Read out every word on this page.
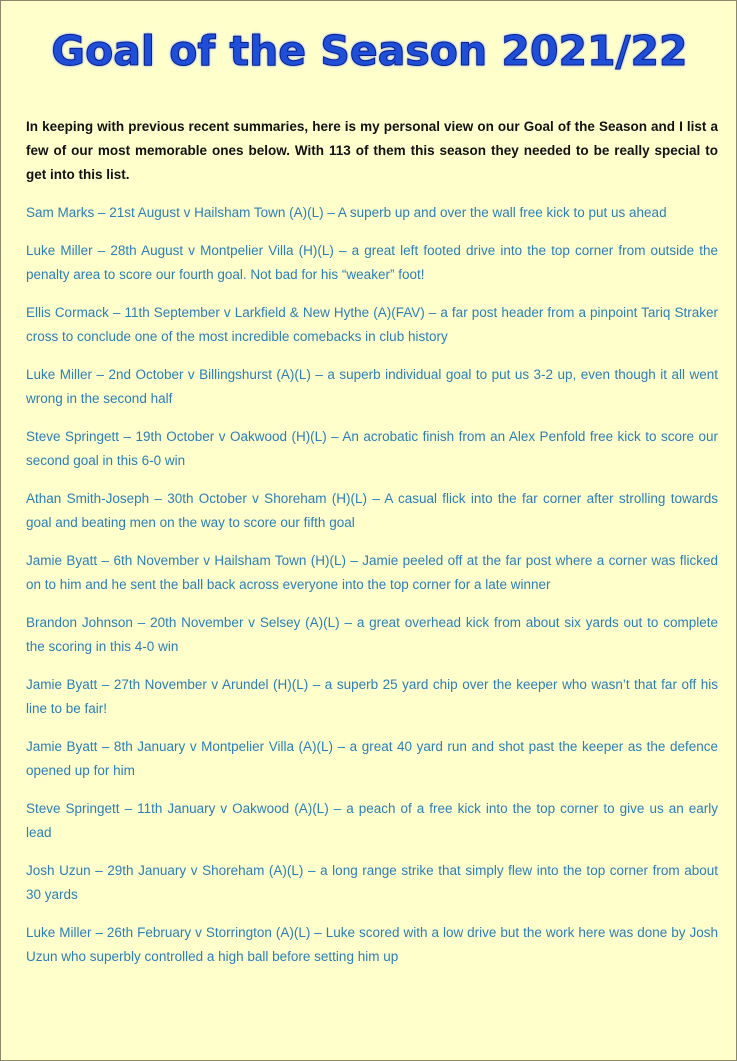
Goal of the Season 2021/22

In keeping with previous recent summaries, here is my personal view on our Goal of the Season and I list a few of our most memorable ones below. With 113 of them this season they needed to be really special to get into this list.

Sam Marks – 21st August v Hailsham Town (A)(L) – A superb up and over the wall free kick to put us ahead
Luke Miller – 28th August v Montpelier Villa (H)(L) – a great left footed drive into the top corner from outside the penalty area to score our fourth goal. Not bad for his “weaker” foot!
Ellis Cormack – 11th September v Larkfield & New Hythe (A)(FAV) – a far post header from a pinpoint Tariq Straker cross to conclude one of the most incredible comebacks in club history
Luke Miller – 2nd October v Billingshurst (A)(L) – a superb individual goal to put us 3-2 up, even though it all went wrong in the second half
Steve Springett – 19th October v Oakwood (H)(L) – An acrobatic finish from an Alex Penfold free kick to score our second goal in this 6-0 win
Athan Smith-Joseph – 30th October v Shoreham (H)(L) – A casual flick into the far corner after strolling towards goal and beating men on the way to score our fifth goal
Jamie Byatt – 6th November v Hailsham Town (H)(L) – Jamie peeled off at the far post where a corner was flicked on to him and he sent the ball back across everyone into the top corner for a late winner
Brandon Johnson – 20th November v Selsey (A)(L) – a great overhead kick from about six yards out to complete the scoring in this 4-0 win
Jamie Byatt – 27th November v Arundel (H)(L) – a superb 25 yard chip over the keeper who wasn’t that far off his line to be fair!
Jamie Byatt – 8th January v Montpelier Villa (A)(L) – a great 40 yard run and shot past the keeper as the defence opened up for him
Steve Springett – 11th January v Oakwood (A)(L) – a peach of a free kick into the top corner to give us an early lead
Josh Uzun – 29th January v Shoreham (A)(L) – a long range strike that simply flew into the top corner from about 30 yards
Luke Miller – 26th February v Storrington (A)(L) – Luke scored with a low drive but the work here was done by Josh Uzun who superbly controlled a high ball before setting him up
